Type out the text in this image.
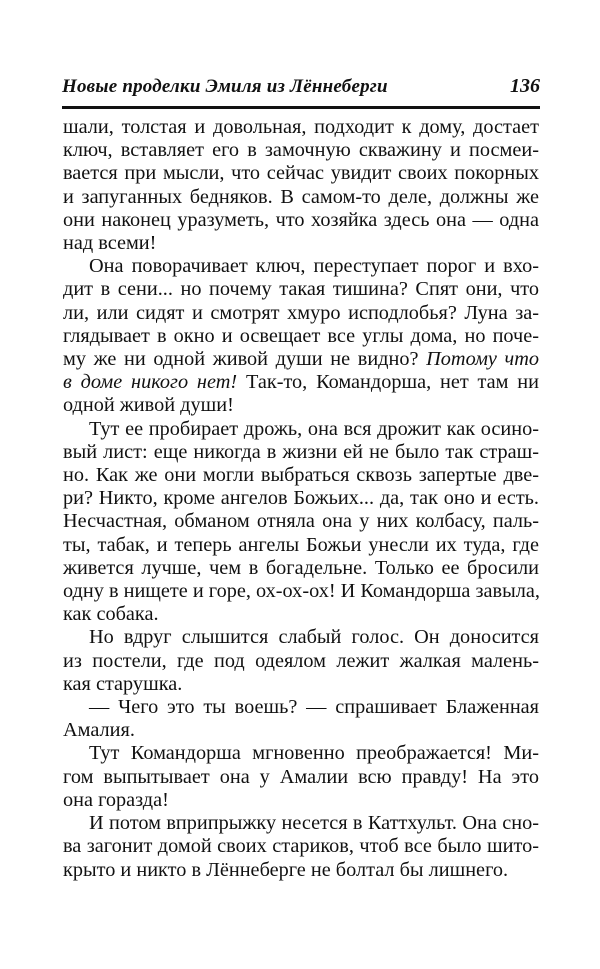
Новые проделки Эмиля из Лённеберги	136
шали, толстая и довольная, подходит к дому, достает
ключ, вставляет его в замочную скважину и посмеи-
вается при мысли, что сейчас увидит своих покорных
и запуганных бедняков. В самом-то деле, должны же
они наконец уразуметь, что хозяйка здесь она — одна
над всеми!
Она поворачивает ключ, переступает порог и вхо-
дит в сени... но почему такая тишина? Спят они, что
ли, или сидят и смотрят хмуро исподлобья? Луна за-
глядывает в окно и освещает все углы дома, но поче-
му же ни одной живой души не видно? Потому что
в доме никого нет! Так-то, Командорша, нет там ни
одной живой души!
Тут ее пробирает дрожь, она вся дрожит как осино-
вый лист: еще никогда в жизни ей не было так страш-
но. Как же они могли выбраться сквозь запертые две-
ри? Никто, кроме ангелов Божьих... да, так оно и есть.
Несчастная, обманом отняла она у них колбасу, паль-
ты, табак, и теперь ангелы Божьи унесли их туда, где
живется лучше, чем в богадельне. Только ее бросили
одну в нищете и горе, ох-ох-ох! И Командорша завыла,
как собака.
Но вдруг слышится слабый голос. Он доносится
из постели, где под одеялом лежит жалкая малень-
кая старушка.
— Чего это ты воешь? — спрашивает Блаженная
Амалия.
Тут Командорша мгновенно преображается! Ми-
гом выпытывает она у Амалии всю правду! На это
она горазда!
И потом вприпрыжку несется в Каттхульт. Она сно-
ва загонит домой своих стариков, чтоб все было шито-
крыто и никто в Лённеберге не болтал бы лишнего.
